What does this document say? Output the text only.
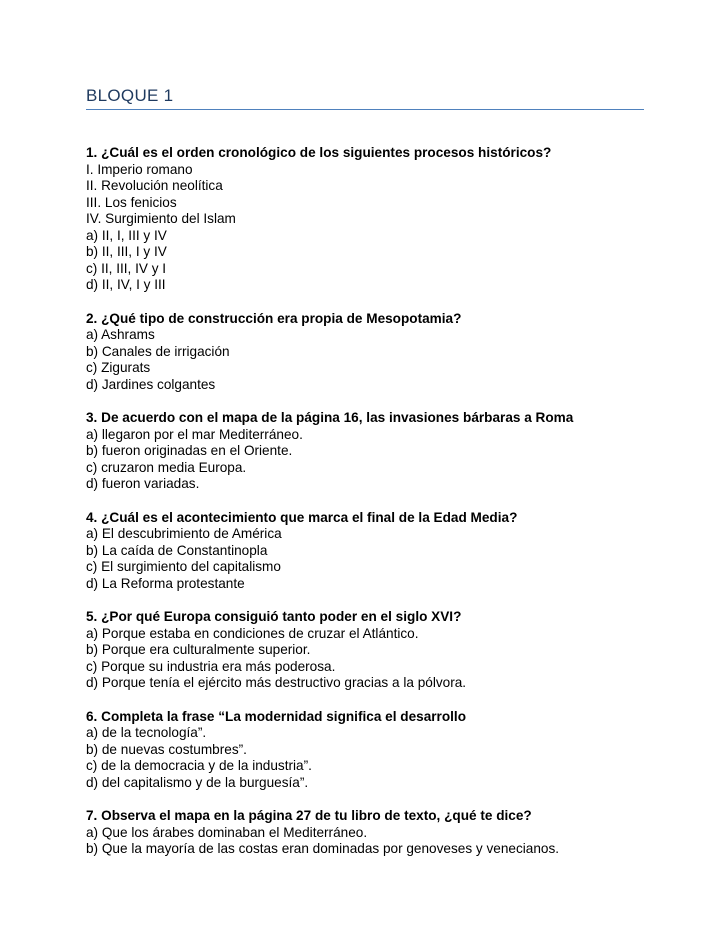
BLOQUE 1
1. ¿Cuál es el orden cronológico de los siguientes procesos históricos?
I. Imperio romano
II. Revolución neolítica
III. Los fenicios
IV. Surgimiento del Islam
a) II, I, III y IV
b) II, III, I y IV
c) II, III, IV y I
d) II, IV, I y III
2. ¿Qué tipo de construcción era propia de Mesopotamia?
a) Ashrams
b) Canales de irrigación
c) Zigurats
d) Jardines colgantes
3. De acuerdo con el mapa de la página 16, las invasiones bárbaras a Roma
a) llegaron por el mar Mediterráneo.
b) fueron originadas en el Oriente.
c) cruzaron media Europa.
d) fueron variadas.
4. ¿Cuál es el acontecimiento que marca el final de la Edad Media?
a) El descubrimiento de América
b) La caída de Constantinopla
c) El surgimiento del capitalismo
d) La Reforma protestante
5. ¿Por qué Europa consiguió tanto poder en el siglo XVI?
a) Porque estaba en condiciones de cruzar el Atlántico.
b) Porque era culturalmente superior.
c) Porque su industria era más poderosa.
d) Porque tenía el ejército más destructivo gracias a la pólvora.
6. Completa la frase “La modernidad significa el desarrollo
a) de la tecnología”.
b) de nuevas costumbres”.
c) de la democracia y de la industria”.
d) del capitalismo y de la burguesía”.
7. Observa el mapa en la página 27 de tu libro de texto, ¿qué te dice?
a) Que los árabes dominaban el Mediterráneo.
b) Que la mayoría de las costas eran dominadas por genoveses y venecianos.
